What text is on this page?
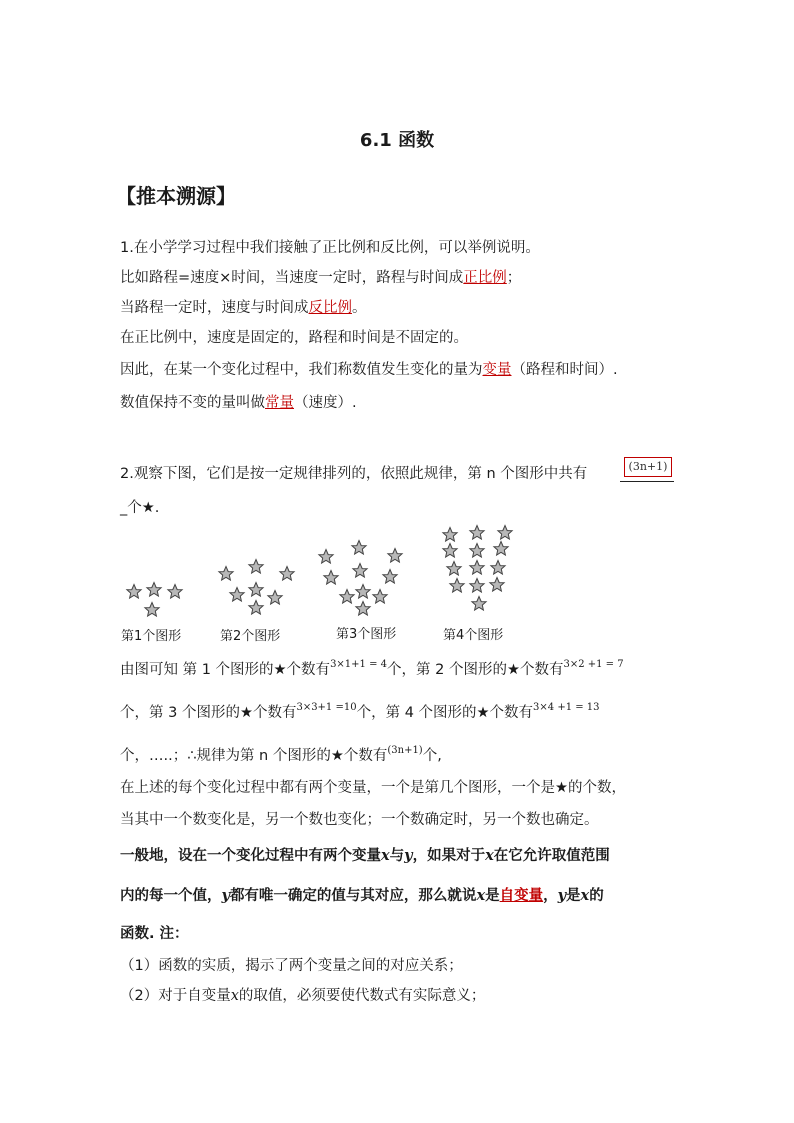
6.1 函数
【推本溯源】
1.在小学学习过程中我们接触了正比例和反比例，可以举例说明。
比如路程=速度×时间，当速度一定时，路程与时间成正比例；
当路程一定时，速度与时间成反比例。
在正比例中，速度是固定的，路程和时间是不固定的。
因此，在某一个变化过程中，我们称数值发生变化的量为变量（路程和时间）.
数值保持不变的量叫做常量（速度）.
2.观察下图，它们是按一定规律排列的，依照此规律，第 n 个图形中共有	(3n+1)
_个★.
第1个图形	第2个图形	第3个图形	第4个图形
由图可知 第 1 个图形的★个数有$^{3\times 1+1 = 4}$个，第 2 个图形的★个数有$^{3\times 2 +1 = 7}$
个，第 3 个图形的★个数有$^{3\times 3+1 =10}$个，第 4 个图形的★个数有$^{3\times 4 +1 = 13}$
个，…..；∴规律为第 n 个图形的★个数有$^{(3n+1)}$个,
在上述的每个变化过程中都有两个变量，一个是第几个图形，一个是★的个数，
当其中一个数变化是，另一个数也变化；一个数确定时，另一个数也确定。
一般地，设在一个变化过程中有两个变量x与y，如果对于x在它允许取值范围
内的每一个值，y都有唯一确定的值与其对应，那么就说x是自变量，y是x的
函数. 注：
（1）函数的实质，揭示了两个变量之间的对应关系；
（2）对于自变量x的取值，必须要使代数式有实际意义；
